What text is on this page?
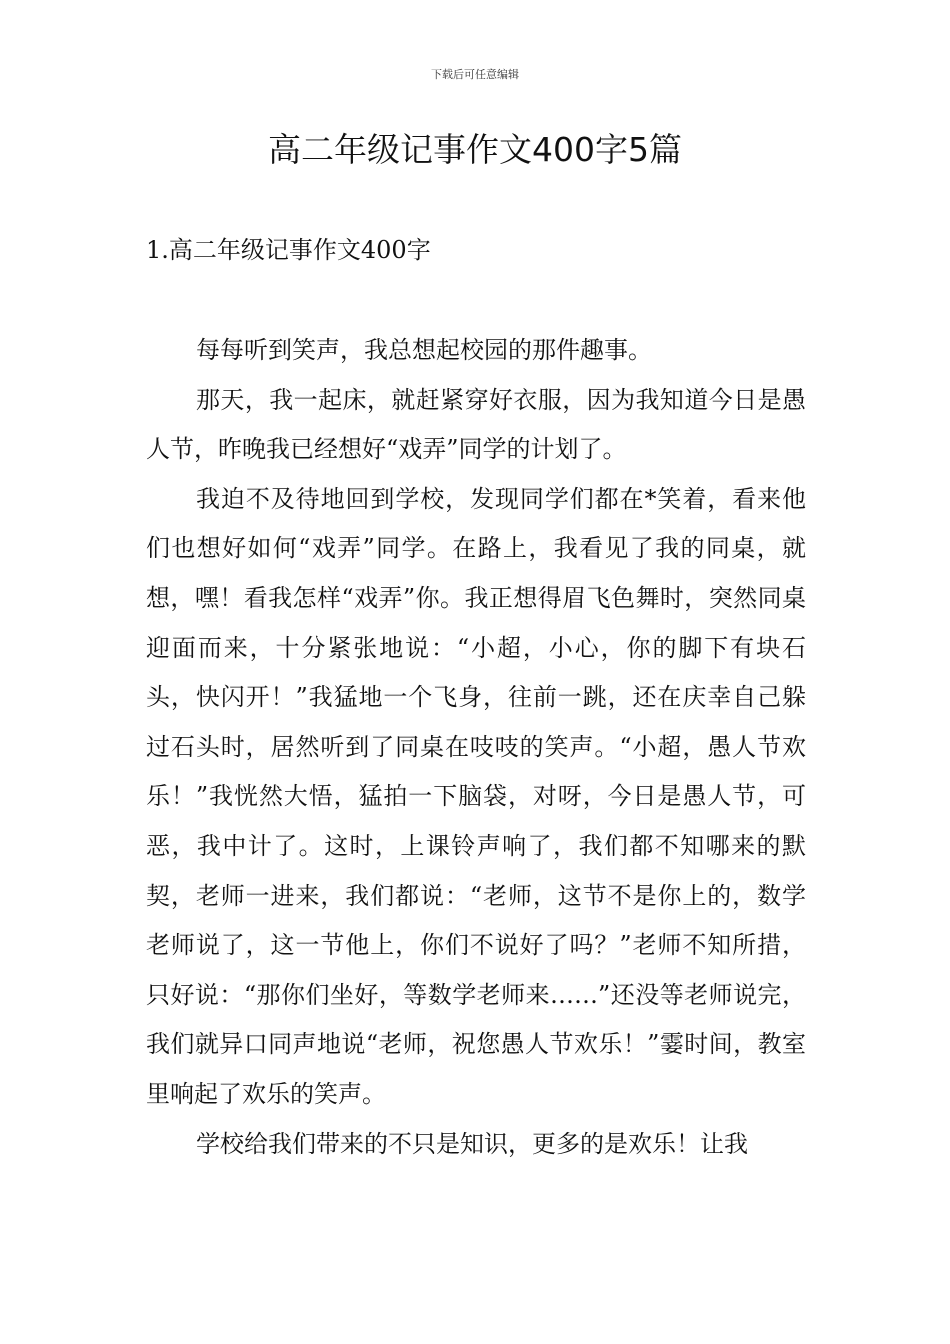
下载后可任意编辑
高二年级记事作文400字5篇
1.高二年级记事作文400字

每每听到笑声，我总想起校园的那件趣事。

那天，我一起床，就赶紧穿好衣服，因为我知道今日是愚人节，昨晚我已经想好“戏弄”同学的计划了。

我迫不及待地回到学校，发现同学们都在*笑着，看来他们也想好如何“戏弄”同学。在路上，我看见了我的同桌，就想，嘿！看我怎样“戏弄”你。我正想得眉飞色舞时，突然同桌迎面而来，十分紧张地说：“小超，小心，你的脚下有块石头，快闪开！”我猛地一个飞身，往前一跳，还在庆幸自己躲过石头时，居然听到了同桌在吱吱的笑声。“小超，愚人节欢乐！”我恍然大悟，猛拍一下脑袋，对呀，今日是愚人节，可恶，我中计了。这时，上课铃声响了，我们都不知哪来的默契，老师一进来，我们都说：“老师，这节不是你上的，数学老师说了，这一节他上，你们不说好了吗？”老师不知所措，只好说：“那你们坐好，等数学老师来……”还没等老师说完，我们就异口同声地说“老师，祝您愚人节欢乐！”霎时间，教室里响起了欢乐的笑声。

学校给我们带来的不只是知识，更多的是欢乐！让我
